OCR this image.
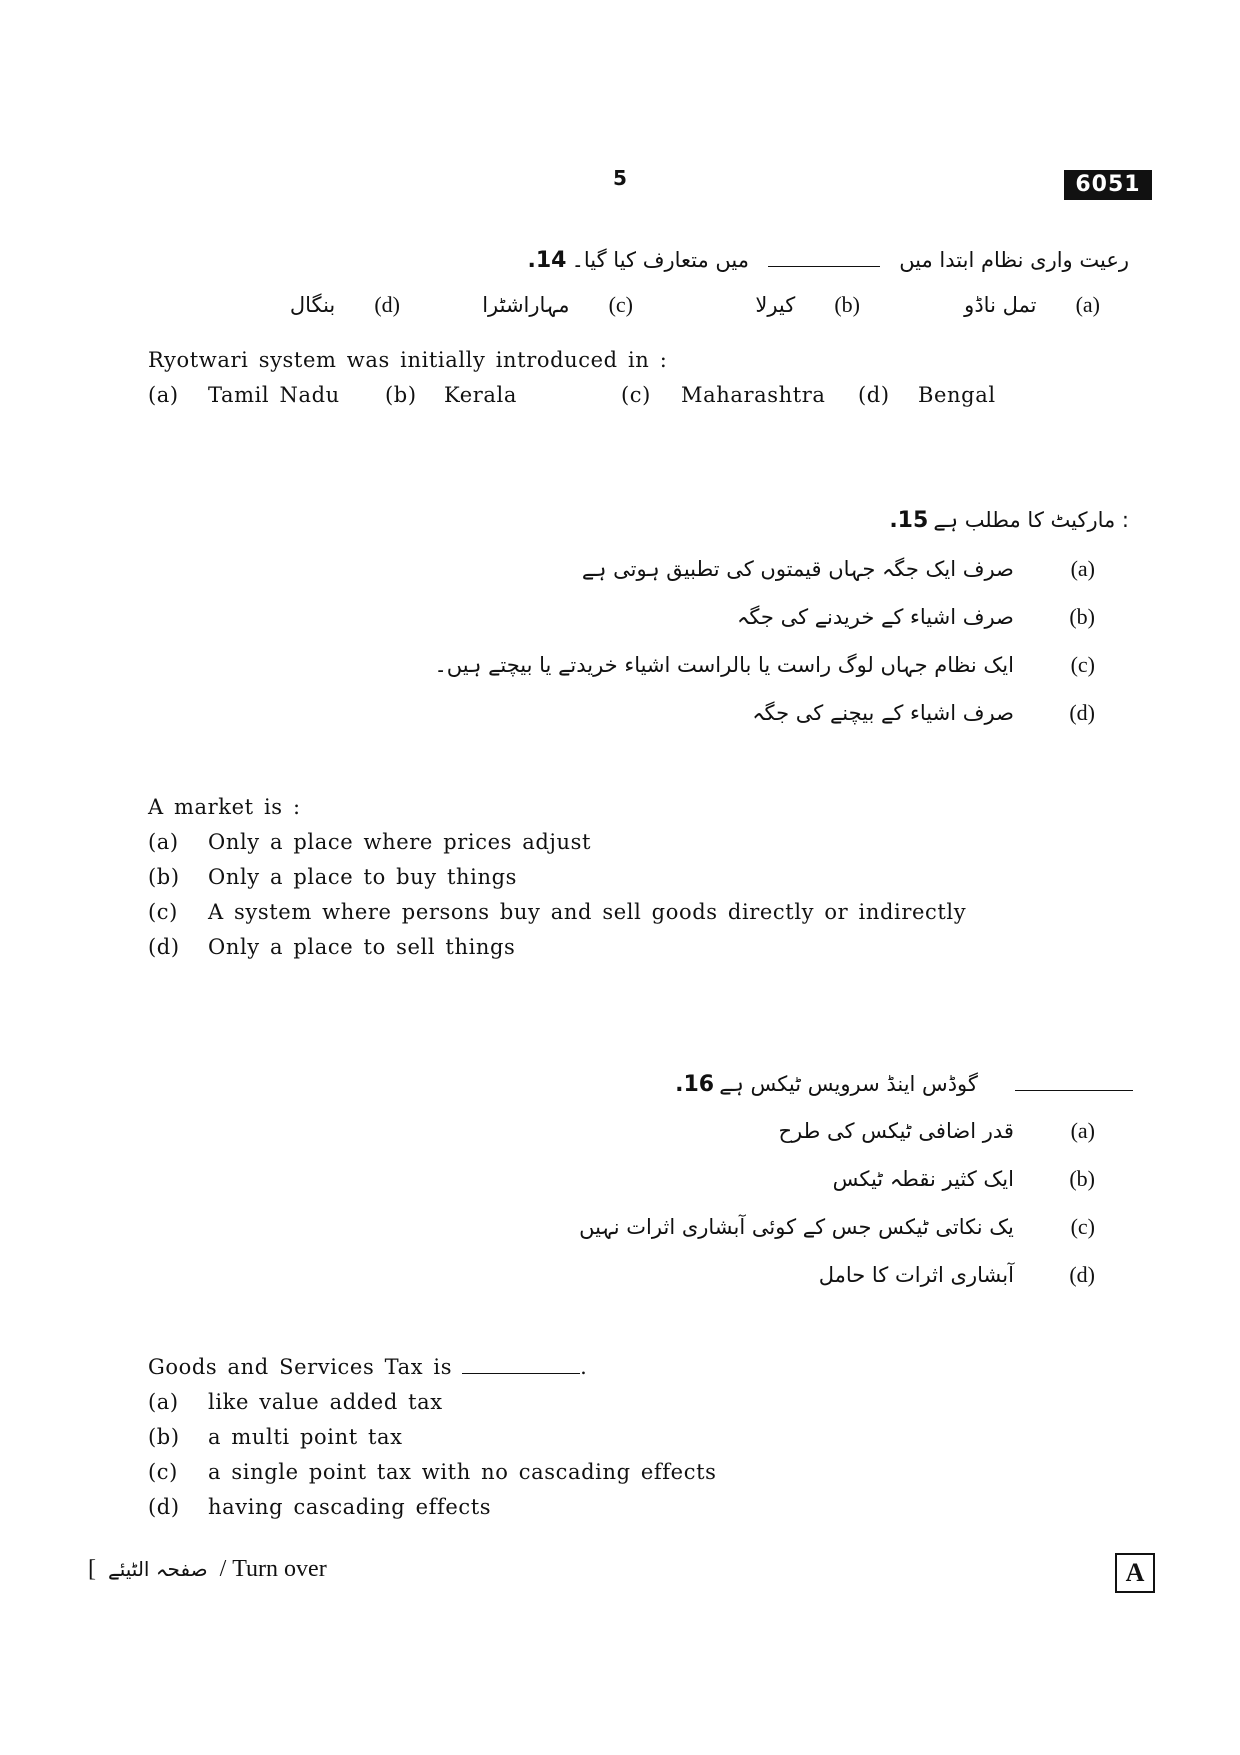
5	6051
.14	رعیت واری نظام ابتدا میں  میں متعارف کیا گیا۔
تمل ناڈو (a)
کیرلا (b)
مہاراشٹرا (c)
بنگال (d)
Ryotwari system was initially introduced in :
(a) Tamil Nadu (b) Kerala	(c) Maharashtra (d) Bengal
.15 مارکیٹ کا مطلب ہے :
صرف ایک جگہ جہاں قیمتوں کی تطبیق ہوتی ہے	(a)
صرف اشیاء کے خریدنے کی جگہ	(b)
ایک نظام جہاں لوگ راست یا بالراست اشیاء خریدتے یا بیچتے ہیں۔	(c)
صرف اشیاء کے بیچنے کی جگہ	(d)
A market is :
(a) Only a place where prices adjust
(b) Only a place to buy things
(c) A system where persons buy and sell goods directly or indirectly
(d) Only a place to sell things
.16 گوڈس اینڈ سرویس ٹیکس ہے
قدر اضافی ٹیکس کی طرح	(a)
ایک کثیر نقطہ ٹیکس	(b)
یک نکاتی ٹیکس جس کے کوئی آبشاری اثرات نہیں	(c)
آبشاری اثرات کا حامل	(d)
Goods and Services Tax is	.
(a) like value added tax
(b) a multi point tax
(c) a single point tax with no cascading effects
(d) having cascading effects
[ صفحہ الٹیئے / Turn over	A
